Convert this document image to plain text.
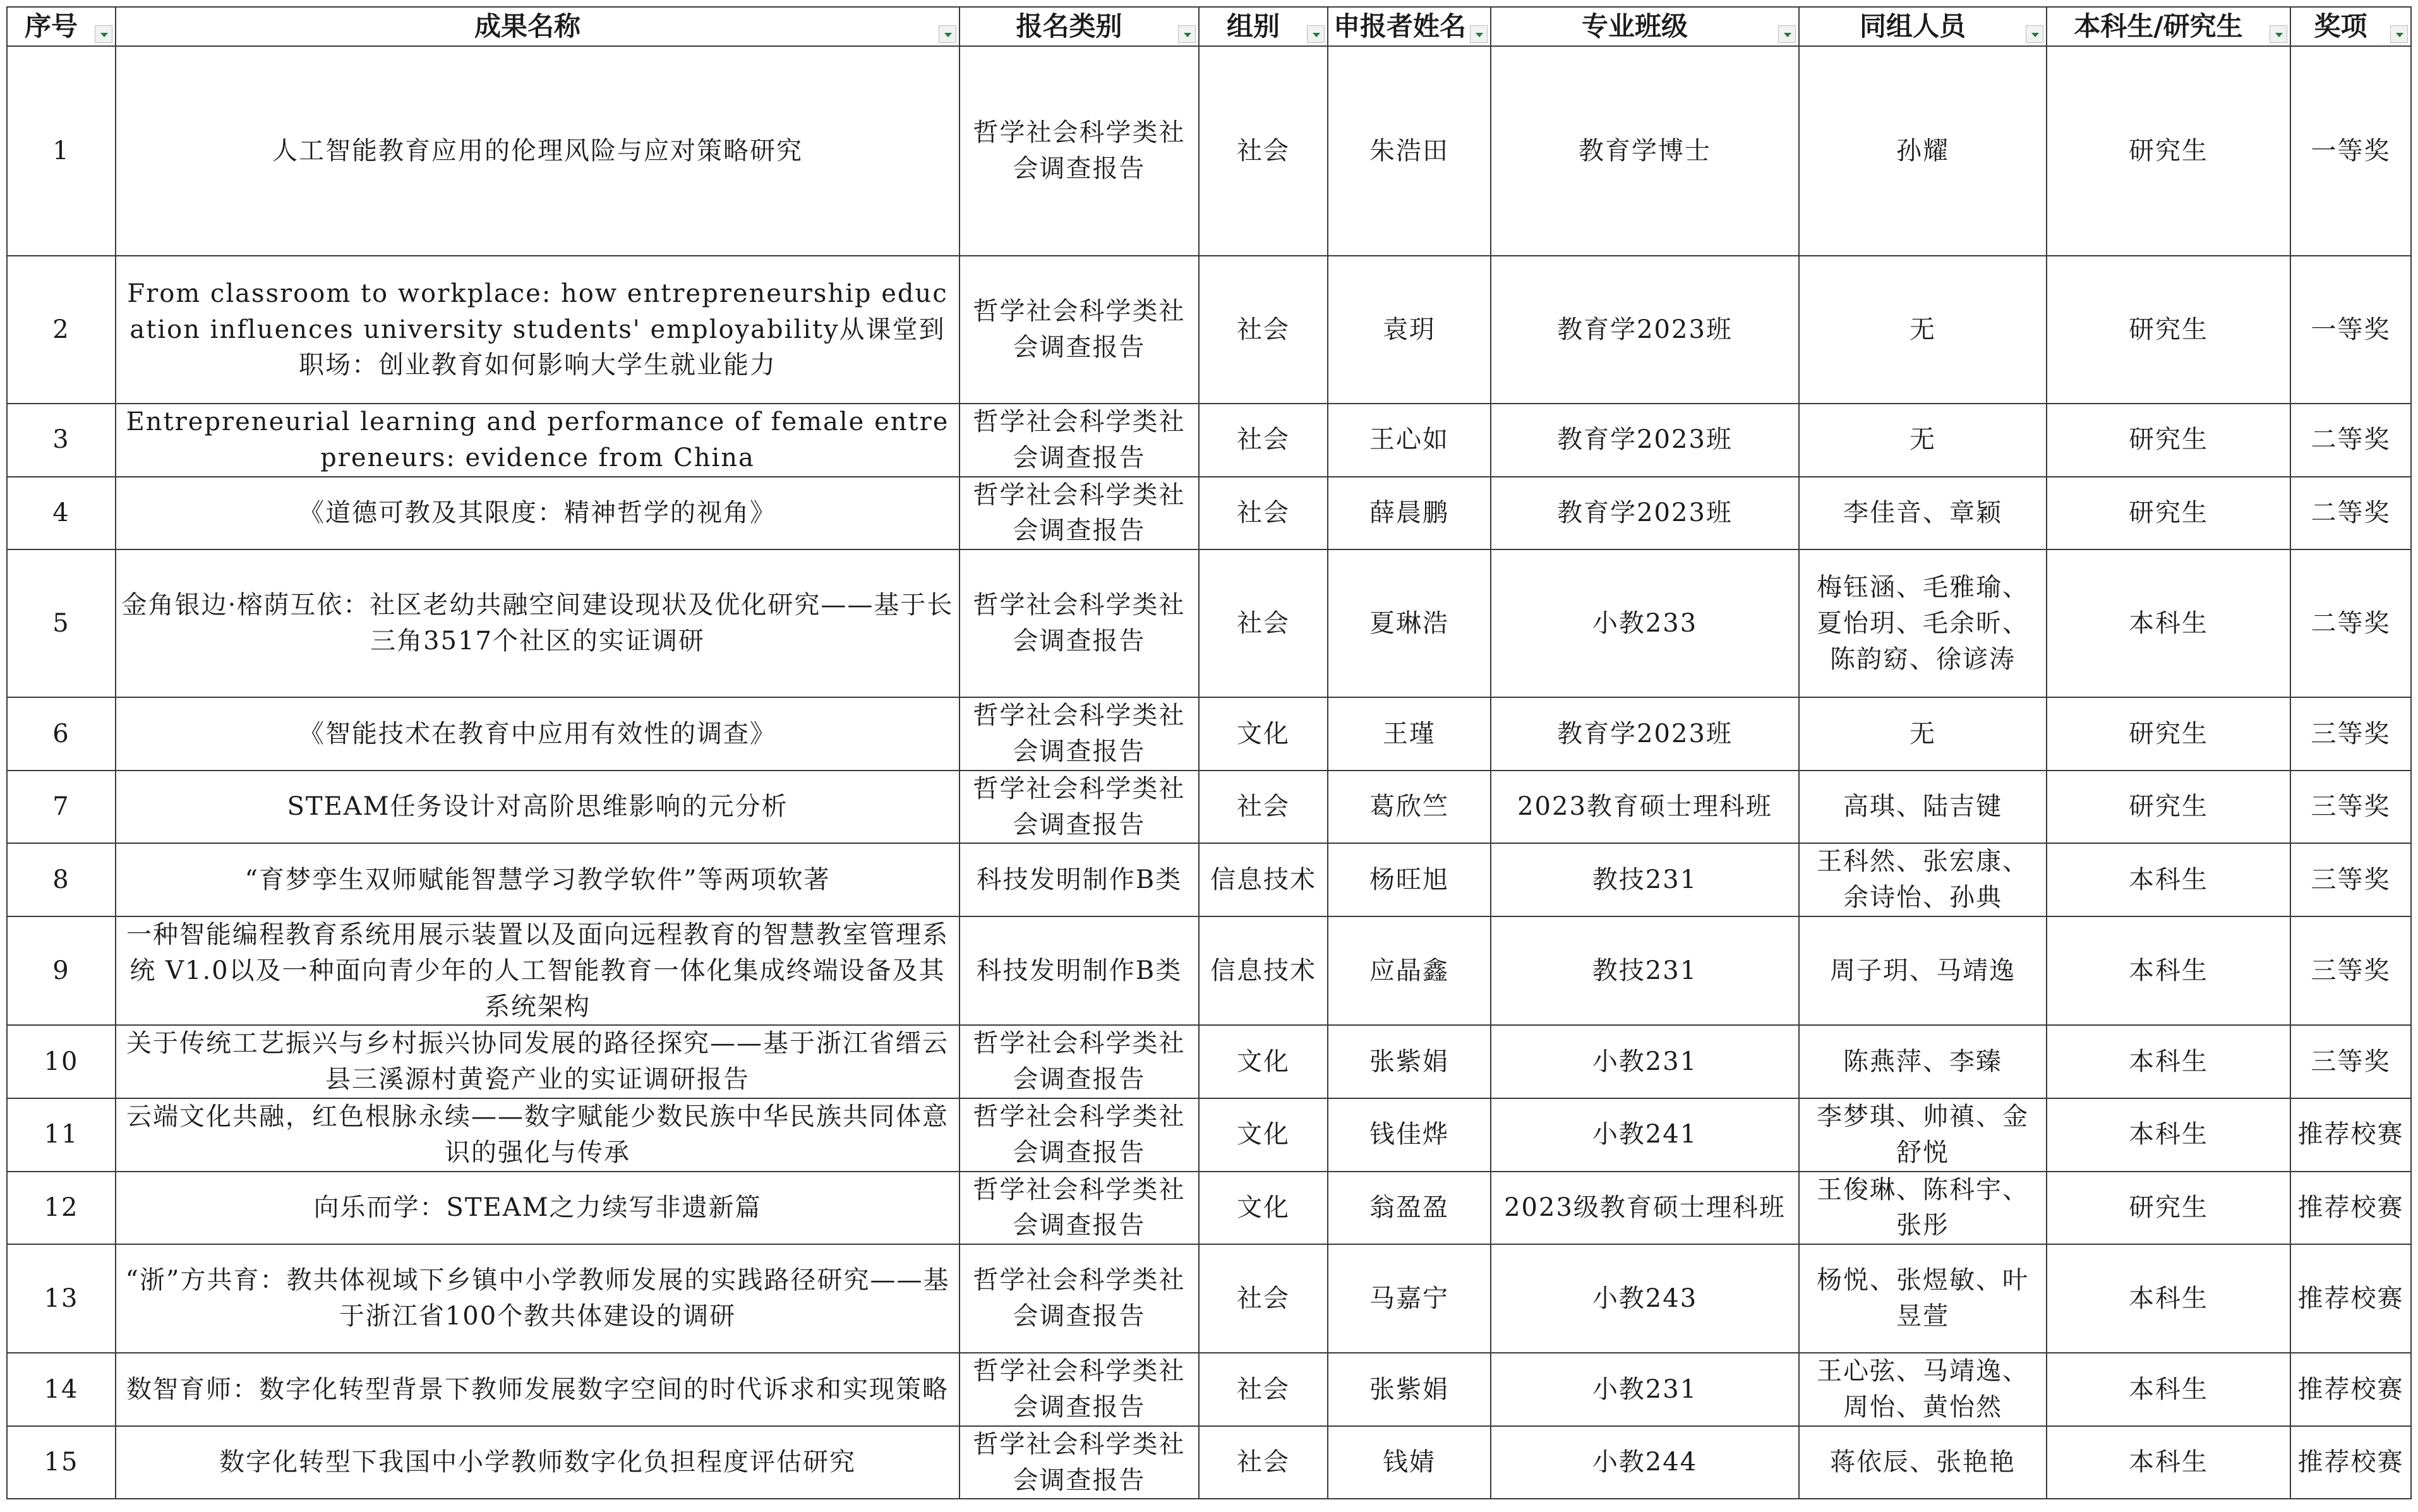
序号	成果名称	报名类别	组别	申报者姓名	专业班级	同组人员	本科生/研究生	奖项

1	人工智能教育应用的伦理风险与应对策略研究	哲学社会科学类社会调查报告	社会	朱浩田	教育学博士	孙耀	研究生	一等奖
2	From classroom to workplace: how entrepreneurship education influences university students' employability从课堂到职场：创业教育如何影响大学生就业能力	哲学社会科学类社会调查报告	社会	袁玥	教育学2023班	无	研究生	一等奖
3	Entrepreneurial learning and performance of female entrepreneurs: evidence from China	哲学社会科学类社会调查报告	社会	王心如	教育学2023班	无	研究生	二等奖
4	《道德可教及其限度：精神哲学的视角》	哲学社会科学类社会调查报告	社会	薛晨鹏	教育学2023班	李佳音、章颖	研究生	二等奖
5	金角银边·榕荫互依：社区老幼共融空间建设现状及优化研究——基于长三角3517个社区的实证调研	哲学社会科学类社会调查报告	社会	夏琳浩	小教233	梅钰涵、毛雅瑜、夏怡玥、毛余昕、陈韵窈、徐谚涛	本科生	二等奖
6	《智能技术在教育中应用有效性的调查》	哲学社会科学类社会调查报告	文化	王瑾	教育学2023班	无	研究生	三等奖
7	STEAM任务设计对高阶思维影响的元分析	哲学社会科学类社会调查报告	社会	葛欣竺	2023教育硕士理科班	高琪、陆吉键	研究生	三等奖
8	“育梦孪生双师赋能智慧学习教学软件”等两项软著	科技发明制作B类	信息技术	杨旺旭	教技231	王科然、张宏康、余诗怡、孙典	本科生	三等奖
9	一种智能编程教育系统用展示装置以及面向远程教育的智慧教室管理系统 V1.0以及一种面向青少年的人工智能教育一体化集成终端设备及其系统架构	科技发明制作B类	信息技术	应晶鑫	教技231	周子玥、马靖逸	本科生	三等奖
10	关于传统工艺振兴与乡村振兴协同发展的路径探究——基于浙江省缙云县三溪源村黄瓷产业的实证调研报告	哲学社会科学类社会调查报告	文化	张紫娟	小教231	陈燕萍、李臻	本科生	三等奖
11	云端文化共融，红色根脉永续——数字赋能少数民族中华民族共同体意识的强化与传承	哲学社会科学类社会调查报告	文化	钱佳烨	小教241	李梦琪、帅禛、金舒悦	本科生	推荐校赛
12	向乐而学：STEAM之力续写非遗新篇	哲学社会科学类社会调查报告	文化	翁盈盈	2023级教育硕士理科班	王俊琳、陈科宇、张彤	研究生	推荐校赛
13	“浙”方共育：教共体视域下乡镇中小学教师发展的实践路径研究——基于浙江省100个教共体建设的调研	哲学社会科学类社会调查报告	社会	马嘉宁	小教243	杨悦、张煜敏、叶昱萱	本科生	推荐校赛
14	数智育师：数字化转型背景下教师发展数字空间的时代诉求和实现策略	哲学社会科学类社会调查报告	社会	张紫娟	小教231	王心弦、马靖逸、周怡、黄怡然	本科生	推荐校赛
15	数字化转型下我国中小学教师数字化负担程度评估研究	哲学社会科学类社会调查报告	社会	钱婧	小教244	蒋依辰、张艳艳	本科生	推荐校赛
